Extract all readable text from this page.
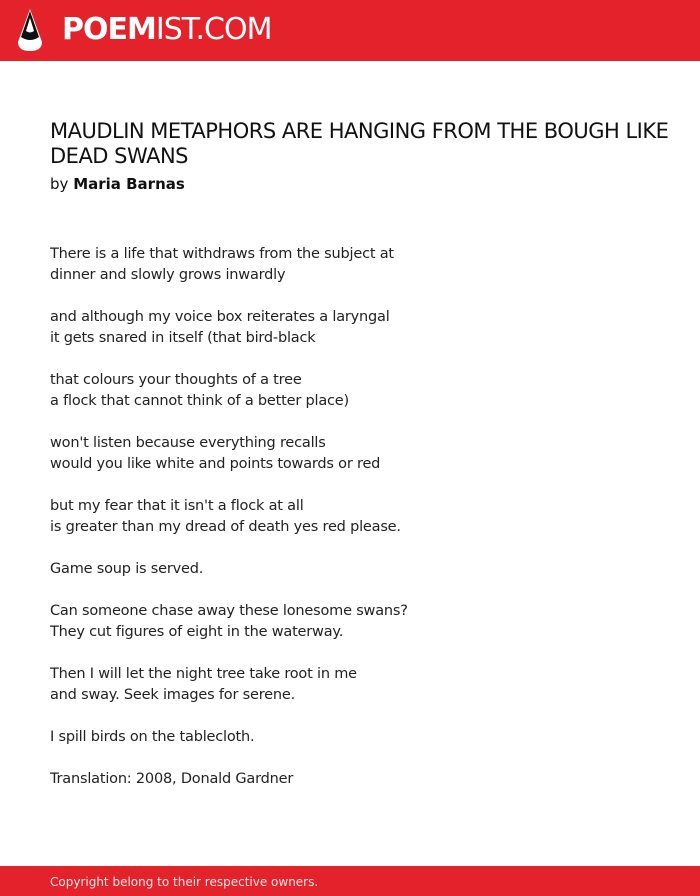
POEMIST.COM
MAUDLIN METAPHORS ARE HANGING FROM THE BOUGH LIKE
DEAD SWANS
by Maria Barnas

There is a life that withdraws from the subject at
dinner and slowly grows inwardly

and although my voice box reiterates a laryngal
it gets snared in itself (that bird-black

that colours your thoughts of a tree
a flock that cannot think of a better place)

won't listen because everything recalls
would you like white and points towards or red

but my fear that it isn't a flock at all
is greater than my dread of death yes red please.

Game soup is served.

Can someone chase away these lonesome swans?
They cut figures of eight in the waterway.

Then I will let the night tree take root in me
and sway. Seek images for serene.

I spill birds on the tablecloth.

Translation: 2008, Donald Gardner

Copyright belong to their respective owners.
